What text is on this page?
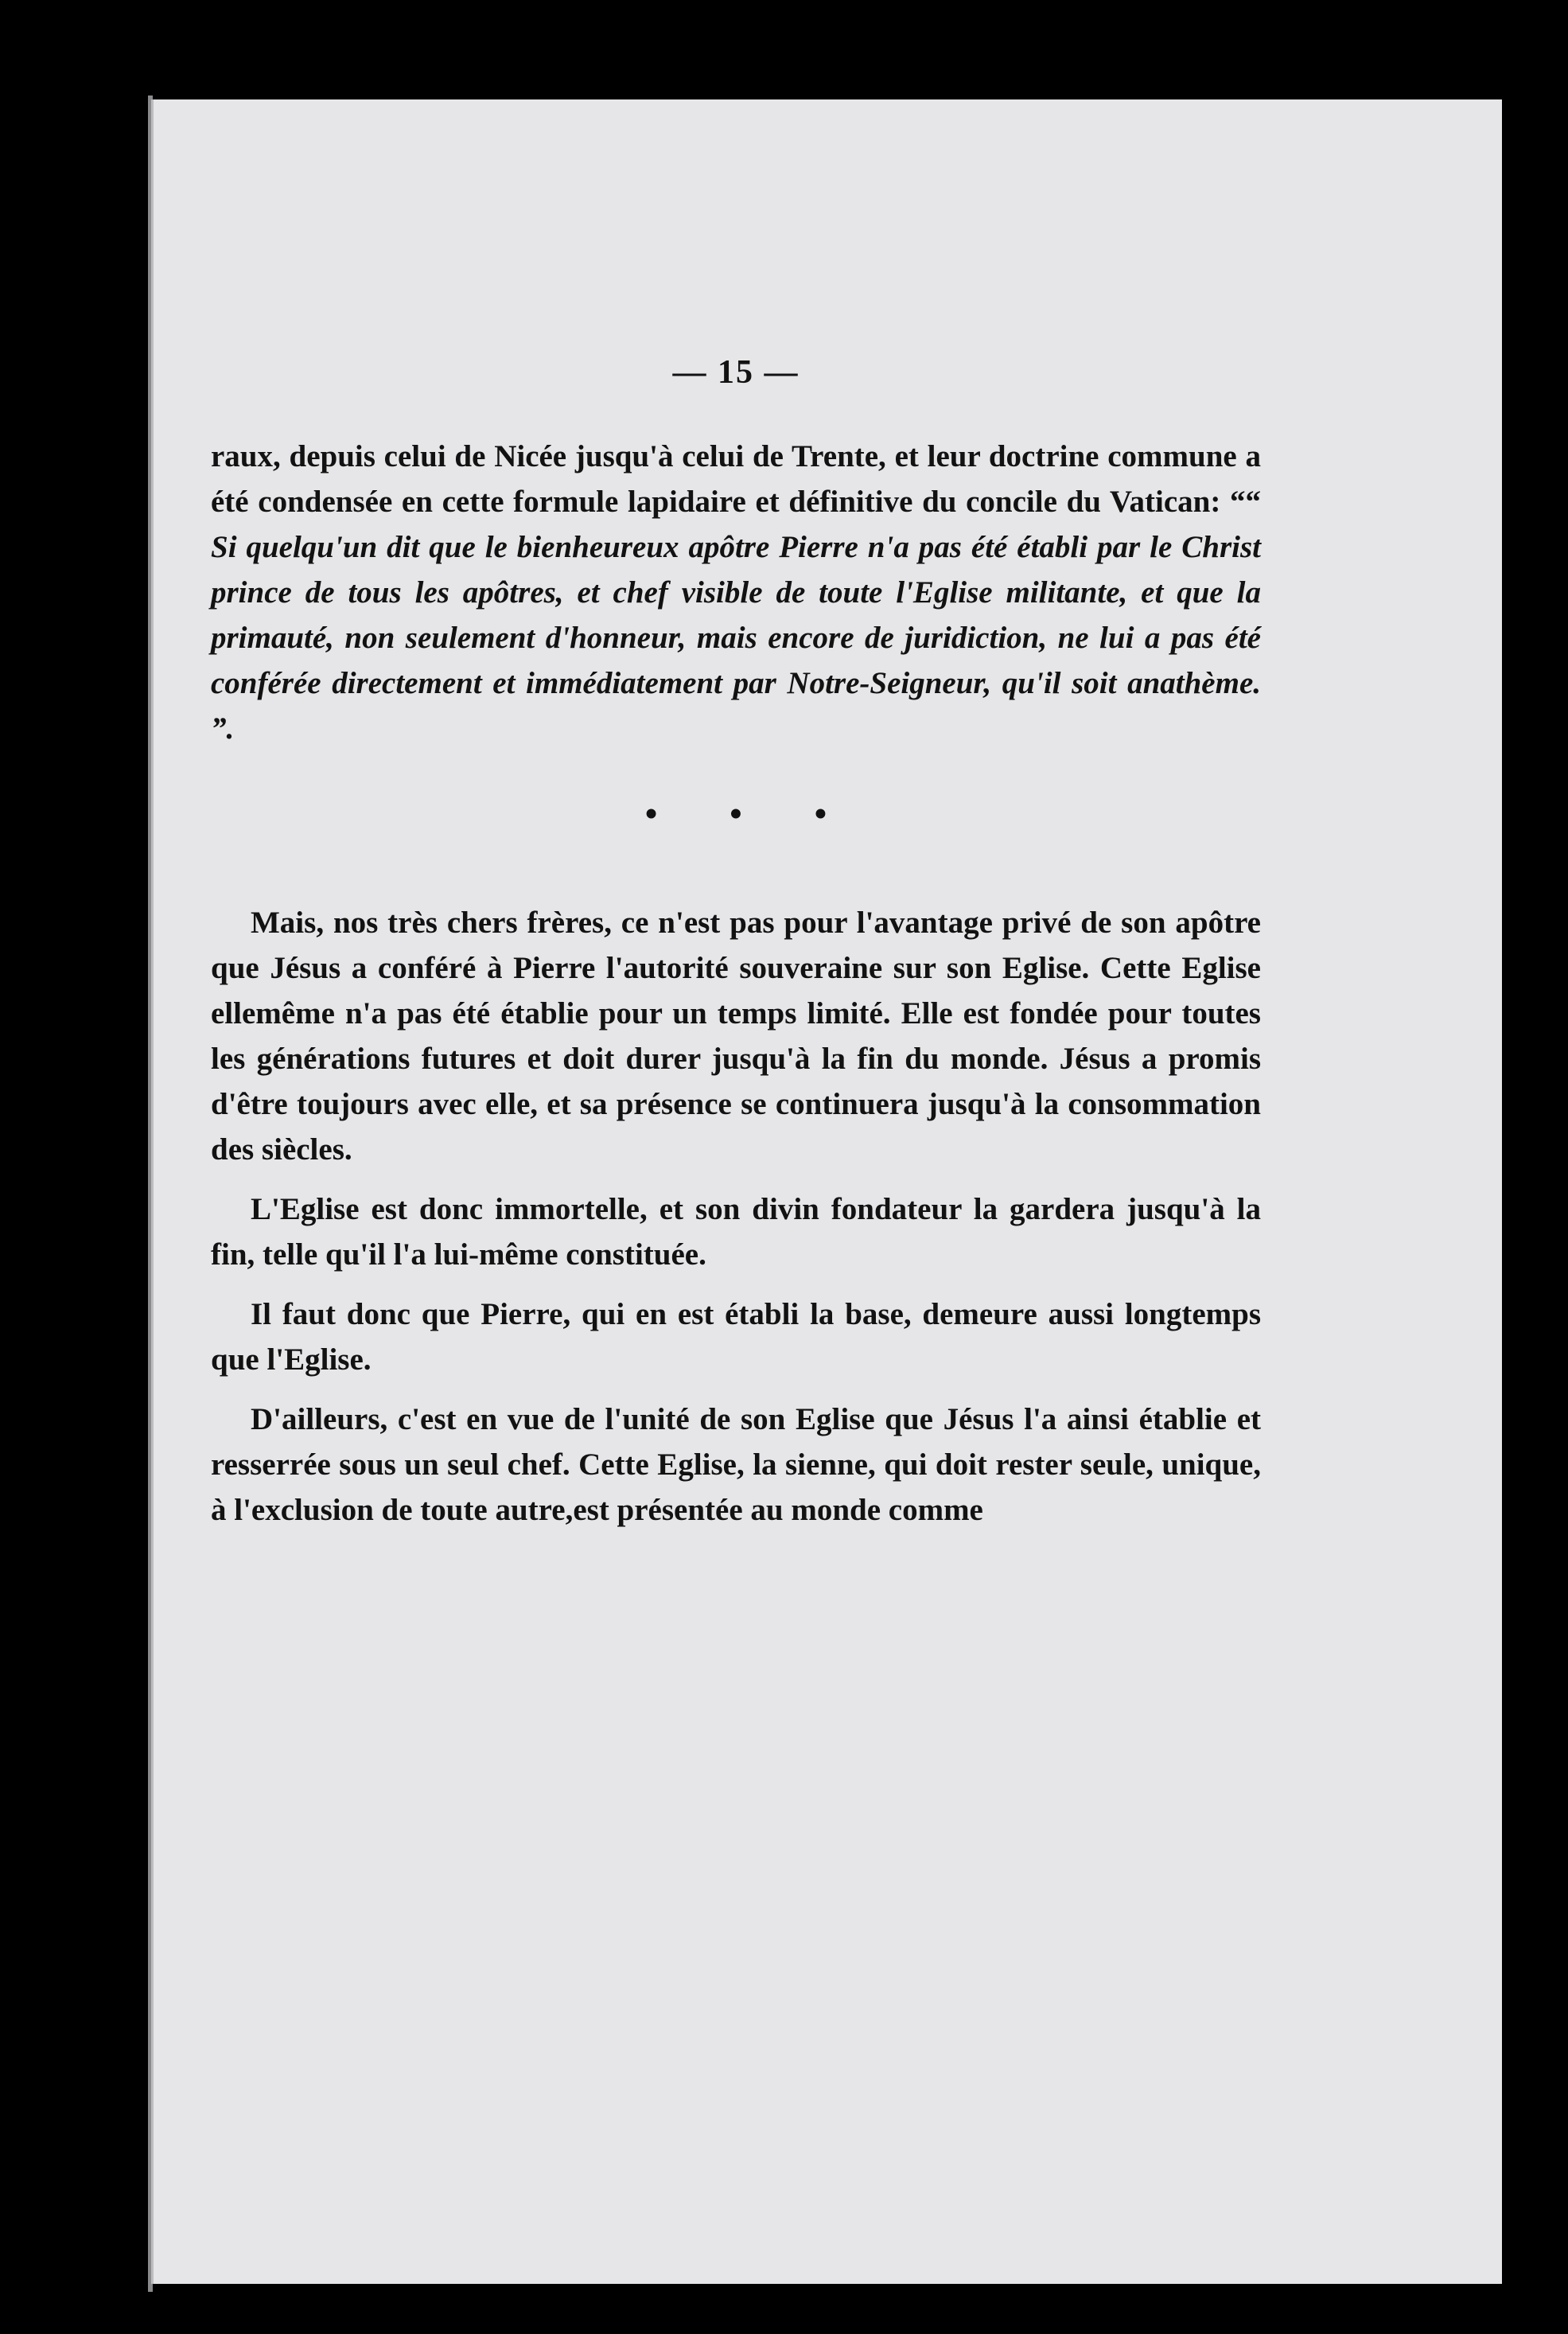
— 15 —

raux, depuis celui de Nicée jusqu'à celui de Trente, et leur doctrine commune a été condensée en cette formule lapidaire et définitive du concile du Vatican: ““ Si quelqu'un dit que le bienheureux apôtre Pierre n'a pas été établi par le Christ prince de tous les apôtres, et chef visible de toute l'Eglise militante, et que la primauté, non seulement d'honneur, mais encore de juridiction, ne lui a pas été conférée directement et immédiatement par Notre-Seigneur, qu'il soit anathème. ”.

• • •

Mais, nos très chers frères, ce n'est pas pour l'avantage privé de son apôtre que Jésus a conféré à Pierre l'autorité souveraine sur son Eglise. Cette Eglise ellemême n'a pas été établie pour un temps limité. Elle est fondée pour toutes les générations futures et doit durer jusqu'à la fin du monde. Jésus a promis d'être toujours avec elle, et sa présence se continuera jusqu'à la consommation des siècles.

L'Eglise est donc immortelle, et son divin fondateur la gardera jusqu'à la fin, telle qu'il l'a lui-même constituée.

Il faut donc que Pierre, qui en est établi la base, demeure aussi longtemps que l'Eglise.

D'ailleurs, c'est en vue de l'unité de son Eglise que Jésus l'a ainsi établie et resserrée sous un seul chef. Cette Eglise, la sienne, qui doit rester seule, unique, à l'exclusion de toute autre,est présentée au monde comme
